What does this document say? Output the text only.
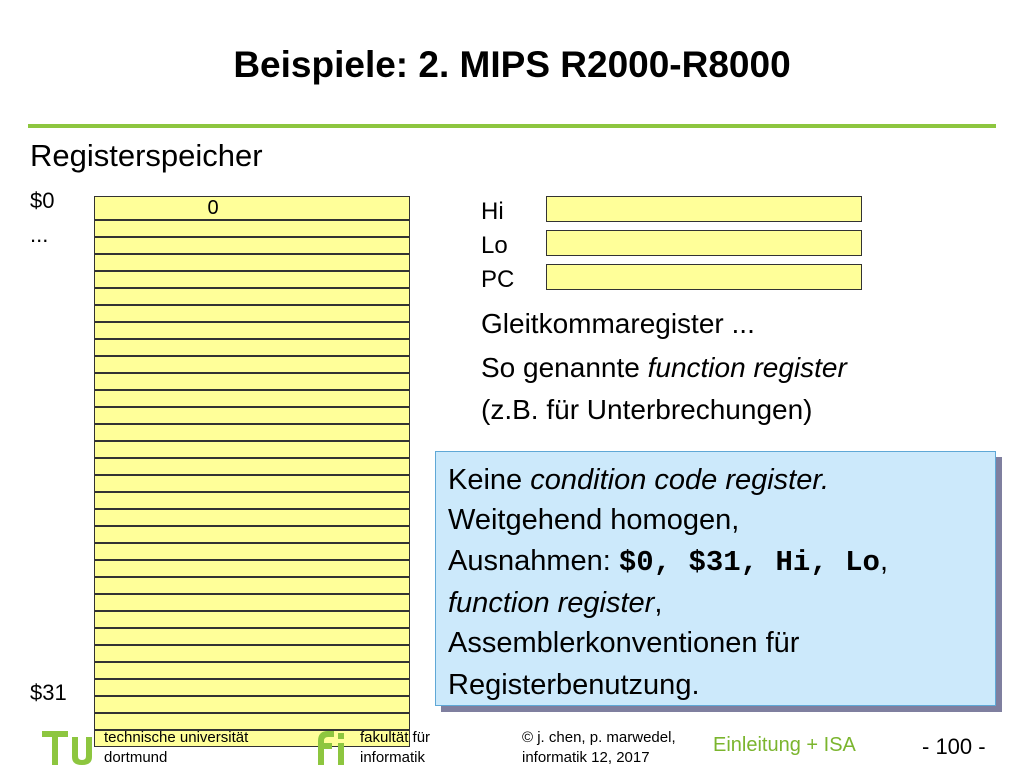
Beispiele: 2. MIPS R2000-R8000
Registerspeicher
$0
...
$31
0	Hi
Lo
PC
Gleitkommaregister ...
So genannte function register
(z.B. für Unterbrechungen)
Keine condition code register.
Weitgehend homogen,
Ausnahmen: $0, $31, Hi, Lo,
function register,
Assemblerkonventionen für
Registerbenutzung.
technische universität
dortmund
fakultät für
informatik
© j. chen, p. marwedel,
informatik 12, 2017
Einleitung + ISA	- 100 -
